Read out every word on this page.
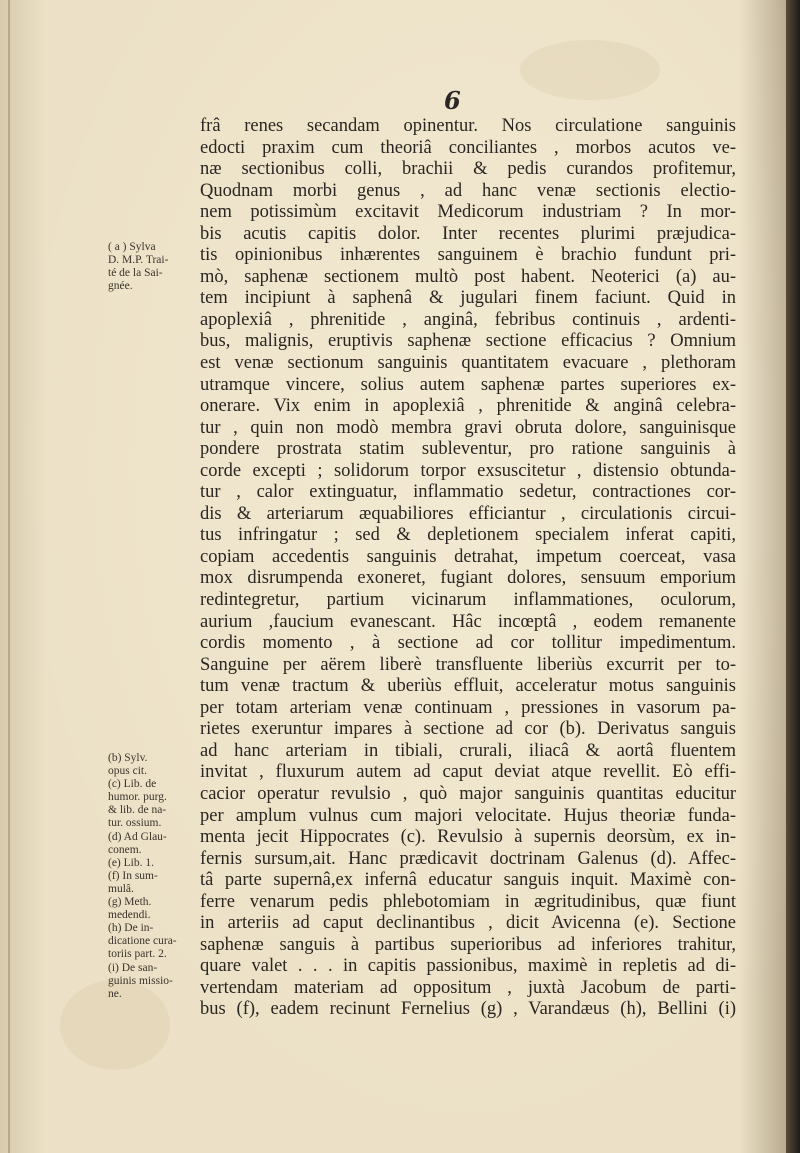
6
( a ) Sylva
D. M.P. Trai-
té de la Sai-
gnée.
(b) Sylv.
opus cit.
(c) Lib. de
humor. purg.
& lib. de na-
tur. ossium.
(d) Ad Glau-
conem.
(e) Lib. 1.
(f) In sum-
mulâ.
(g) Meth.
medendi.
(h) De in-
dicatione cura-
toriis part. 2.
(i) De san-
guinis missio-
ne.
frâ renes secandam opinentur. Nos circulatione sanguinis
edocti praxim cum theoriâ conciliantes , morbos acutos ve-
næ sectionibus colli, brachii & pedis curandos profitemur,
Quodnam morbi genus , ad hanc venæ sectionis electio-
nem potissimùm excitavit Medicorum industriam ? In mor-
bis acutis capitis dolor. Inter recentes plurimi præjudica-
tis opinionibus inhærentes sanguinem è brachio fundunt pri-
mò, saphenæ sectionem multò post habent. Neoterici (a) au-
tem incipiunt à saphenâ & jugulari finem faciunt. Quid in
apoplexiâ , phrenitide , anginâ, febribus continuis , ardenti-
bus, malignis, eruptivis saphenæ sectione efficacius ? Omnium
est venæ sectionum sanguinis quantitatem evacuare , plethoram
utramque vincere, solius autem saphenæ partes superiores ex-
onerare. Vix enim in apoplexiâ , phrenitide & anginâ celebra-
tur , quin non modò membra gravi obruta dolore, sanguinisque
pondere prostrata statim subleventur, pro ratione sanguinis à
corde excepti ; solidorum torpor exsuscitetur , distensio obtunda-
tur , calor extinguatur, inflammatio sedetur, contractiones cor-
dis & arteriarum æquabiliores efficiantur , circulationis circui-
tus infringatur ; sed & depletionem specialem inferat capiti,
copiam accedentis sanguinis detrahat, impetum coerceat, vasa
mox disrumpenda exoneret, fugiant dolores, sensuum emporium
redintegretur, partium vicinarum inflammationes, oculorum,
aurium ,faucium evanescant. Hâc incœptâ , eodem remanente
cordis momento , à sectione ad cor tollitur impedimentum.
Sanguine per aërem liberè transfluente liberiùs excurrit per to-
tum venæ tractum & uberiùs effluit, acceleratur motus sanguinis
per totam arteriam venæ continuam , pressiones in vasorum pa-
rietes exeruntur impares à sectione ad cor (b). Derivatus sanguis
ad hanc arteriam in tibiali, crurali, iliacâ & aortâ fluentem
invitat , fluxurum autem ad caput deviat atque revellit. Eò effi-
cacior operatur revulsio , quò major sanguinis quantitas educitur
per amplum vulnus cum majori velocitate. Hujus theoriæ funda-
menta jecit Hippocrates (c). Revulsio à supernis deorsùm, ex in-
fernis sursum,ait. Hanc prædicavit doctrinam Galenus (d). Affec-
tâ parte supernâ,ex infernâ educatur sanguis inquit. Maximè con-
ferre venarum pedis phlebotomiam in ægritudinibus, quæ fiunt
in arteriis ad caput declinantibus , dicit Avicenna (e). Sectione
saphenæ sanguis à partibus superioribus ad inferiores trahitur,
quare valet . . . in capitis passionibus, maximè in repletis ad di-
vertendam materiam ad oppositum , juxtà Jacobum de parti-
bus (f), eadem recinunt Fernelius (g) , Varandæus (h), Bellini (i)
